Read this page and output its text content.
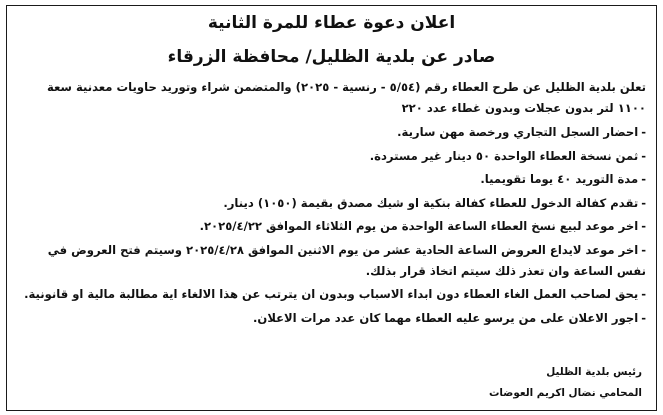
اعلان دعوة عطاء للمرة الثانية
صادر عن بلدية الظليل/ محافظة الزرقاء

تعلن بلدية الظليل عن طرح العطاء رقم (٥/٥٤ - رنسية - ٢٠٢٥) والمتضمن شراء وتوريد حاويات معدنية سعة ١١٠٠ لتر بدون عجلات وبدون غطاء عدد ٢٢٠

-احضار السجل التجاري ورخصة مهن سارية.
-ثمن نسخة العطاء الواحدة ٥٠ دينار غير مستردة.
-مدة التوريد ٤٠ يوما تقويميا.
-تقدم كفالة الدخول للعطاء كفالة بنكية او شيك مصدق بقيمة (١٠٥٠) دينار.
-اخر موعد لبيع نسخ العطاء الساعة الواحدة من يوم الثلاثاء الموافق ٢٠٢٥/٤/٢٢.
-اخر موعد لايداع العروض الساعة الحادية عشر من يوم الاثنين الموافق ٢٠٢٥/٤/٢٨ وسيتم فتح العروض في نفس الساعة وان تعذر ذلك سيتم اتخاذ قرار بذلك.
-يحق لصاحب العمل الغاء العطاء دون ابداء الاسباب وبدون ان يترتب عن هذا الالغاء اية مطالبة مالية او قانونية.
-اجور الاعلان على من يرسو عليه العطاء مهما كان عدد مرات الاعلان.
رئيس بلدية الظليل
المحامي نضال اكريم العوضات
